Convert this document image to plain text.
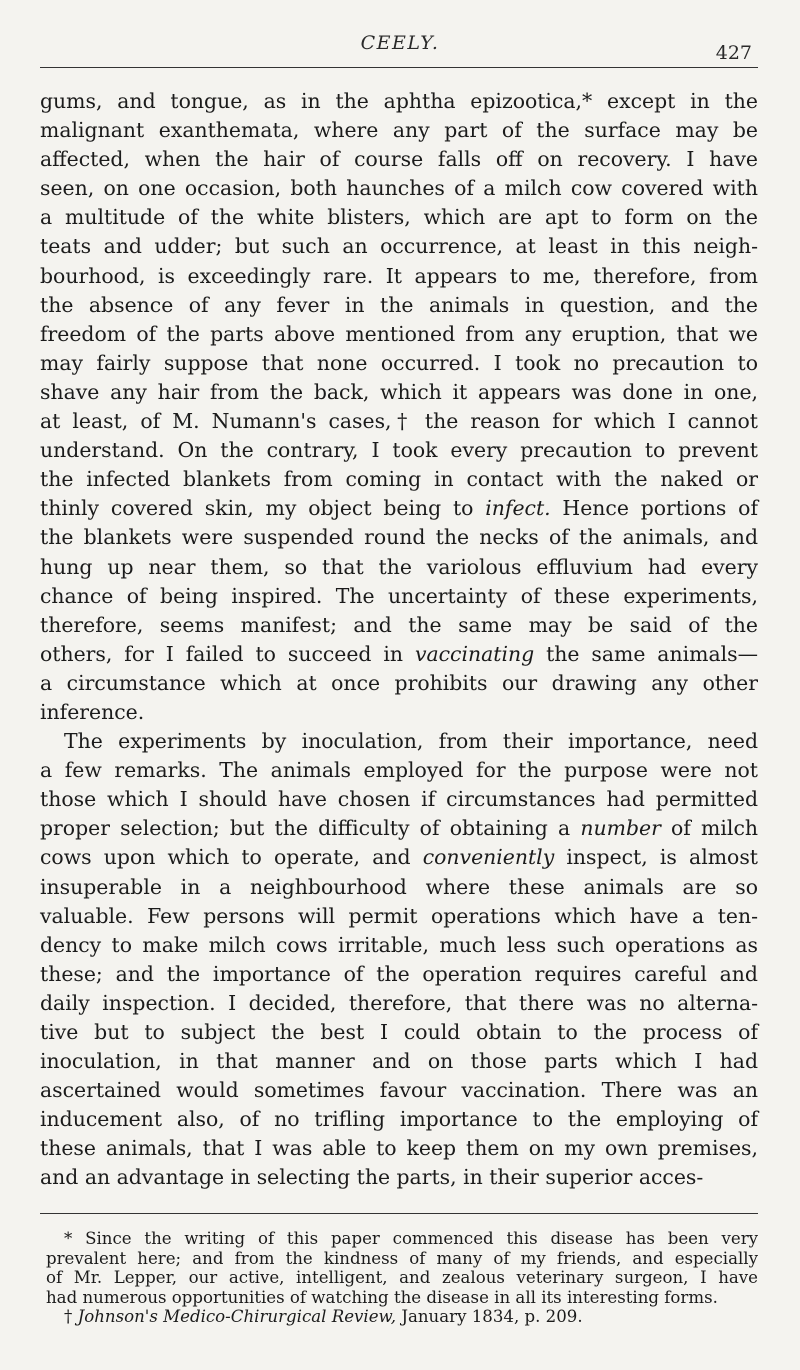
CEELY.	427
gums, and tongue, as in the aphtha epizootica,* except in the
malignant exanthemata, where any part of the surface may be
affected, when the hair of course falls off on recovery. I have
seen, on one occasion, both haunches of a milch cow covered with
a multitude of the white blisters, which are apt to form on the
teats and udder; but such an occurrence, at least in this neigh-
bourhood, is exceedingly rare. It appears to me, therefore, from
the absence of any fever in the animals in question, and the
freedom of the parts above mentioned from any eruption, that we
may fairly suppose that none occurred. I took no precaution to
shave any hair from the back, which it appears was done in one,
at least, of M. Numann's cases,† the reason for which I cannot
understand. On the contrary, I took every precaution to prevent
the infected blankets from coming in contact with the naked or
thinly covered skin, my object being to infect. Hence portions of
the blankets were suspended round the necks of the animals, and
hung up near them, so that the variolous effluvium had every
chance of being inspired. The uncertainty of these experiments,
therefore, seems manifest; and the same may be said of the
others, for I failed to succeed in vaccinating the same animals—
a circumstance which at once prohibits our drawing any other
inference.
The experiments by inoculation, from their importance, need
a few remarks. The animals employed for the purpose were not
those which I should have chosen if circumstances had permitted
proper selection; but the difficulty of obtaining a number of milch
cows upon which to operate, and conveniently inspect, is almost
insuperable in a neighbourhood where these animals are so
valuable. Few persons will permit operations which have a ten-
dency to make milch cows irritable, much less such operations as
these; and the importance of the operation requires careful and
daily inspection. I decided, therefore, that there was no alterna-
tive but to subject the best I could obtain to the process of
inoculation, in that manner and on those parts which I had
ascertained would sometimes favour vaccination. There was an
inducement also, of no trifling importance to the employing of
these animals, that I was able to keep them on my own premises,
and an advantage in selecting the parts, in their superior acces-
* Since the writing of this paper commenced this disease has been very
prevalent here; and from the kindness of many of my friends, and especially
of Mr. Lepper, our active, intelligent, and zealous veterinary surgeon, I have
had numerous opportunities of watching the disease in all its interesting forms.
† Johnson's Medico-Chirurgical Review, January 1834, p. 209.
